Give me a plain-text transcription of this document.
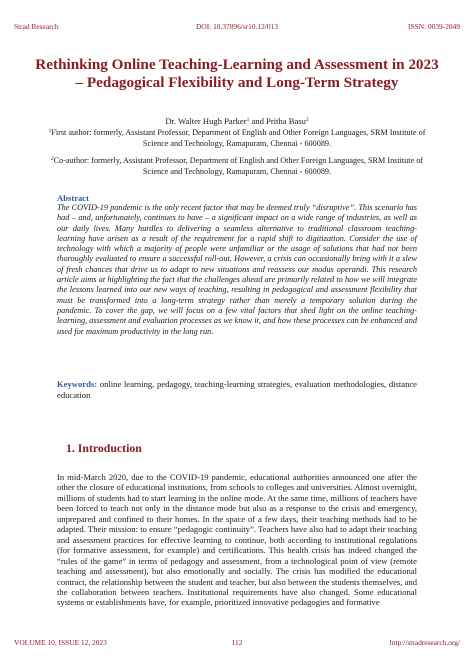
Strad Research	DOI: 10.37896/sr10.12/013	ISSN: 0039-2049
Rethinking Online Teaching-Learning and Assessment in 2023 – Pedagogical Flexibility and Long-Term Strategy
Dr. Walter Hugh Parker$^1$ and Pritha Basu$^2$
$^1$First author: formerly, Assistant Professor, Department of English and Other Foreign Languages, SRM Institute of Science and Technology, Ramapuram, Chennai - 600089.
$^2$Co-author: formerly, Assistant Professor, Department of English and Other Foreign Languages, SRM Institute of Science and Technology, Ramapuram, Chennai - 600089.
Abstract
The COVID-19 pandemic is the only recent factor that may be deemed truly “disruptive”. This scenario has had – and, unfortunately, continues to have – a significant impact on a wide range of industries, as well as our daily lives. Many hurdles to delivering a seamless alternative to traditional classroom teaching-learning have arisen as a result of the requirement for a rapid shift to digitization. Consider the use of technology with which a majority of people were unfamiliar or the usage of solutions that had not been thoroughly evaluated to ensure a successful roll-out. However, a crisis can occasionally bring with it a slew of fresh chances that drive us to adapt to new situations and reassess our modus operandi. This research article aims at highlighting the fact that the challenges ahead are primarily related to how we will integrate the lessons learned into our new ways of teaching, resulting in pedagogical and assessment flexibility that must be transformed into a long-term strategy rather than merely a temporary solution during the pandemic. To cover the gap, we will focus on a few vital factors that shed light on the online teaching-learning, assessment and evaluation processes as we know it, and how these processes can be enhanced and used for maximum productivity in the long run.
Keywords: online learning, pedagogy, teaching-learning strategies, evaluation methodologies, distance education
1. Introduction
In mid-March 2020, due to the COVID-19 pandemic, educational authorities announced one after the other the closure of educational institutions, from schools to colleges and universities. Almost overnight, millions of students had to start learning in the online mode. At the same time, millions of teachers have been forced to teach not only in the distance mode but also as a response to the crisis and emergency, unprepared and confined to their homes. In the space of a few days, their teaching methods had to be adapted. Their mission: to ensure “pedagogic continuity”. Teachers have also had to adapt their teaching and assessment practices for effective learning to continue, both according to institutional regulations (for formative assessment, for example) and certifications. This health crisis has indeed changed the “rules of the game” in terms of pedagogy and assessment, from a technological point of view (remote teaching and assessment), but also emotionally and socially. The crisis has modified the educational contract, the relationship between the student and teacher, but also between the students themselves, and the collaboration between teachers. Institutional requirements have also changed. Some educational systems or establishments have, for example, prioritized innovative pedagogies and formative
VOLUME 10, ISSUE 12, 2023	112	http://stradresearch.org/
